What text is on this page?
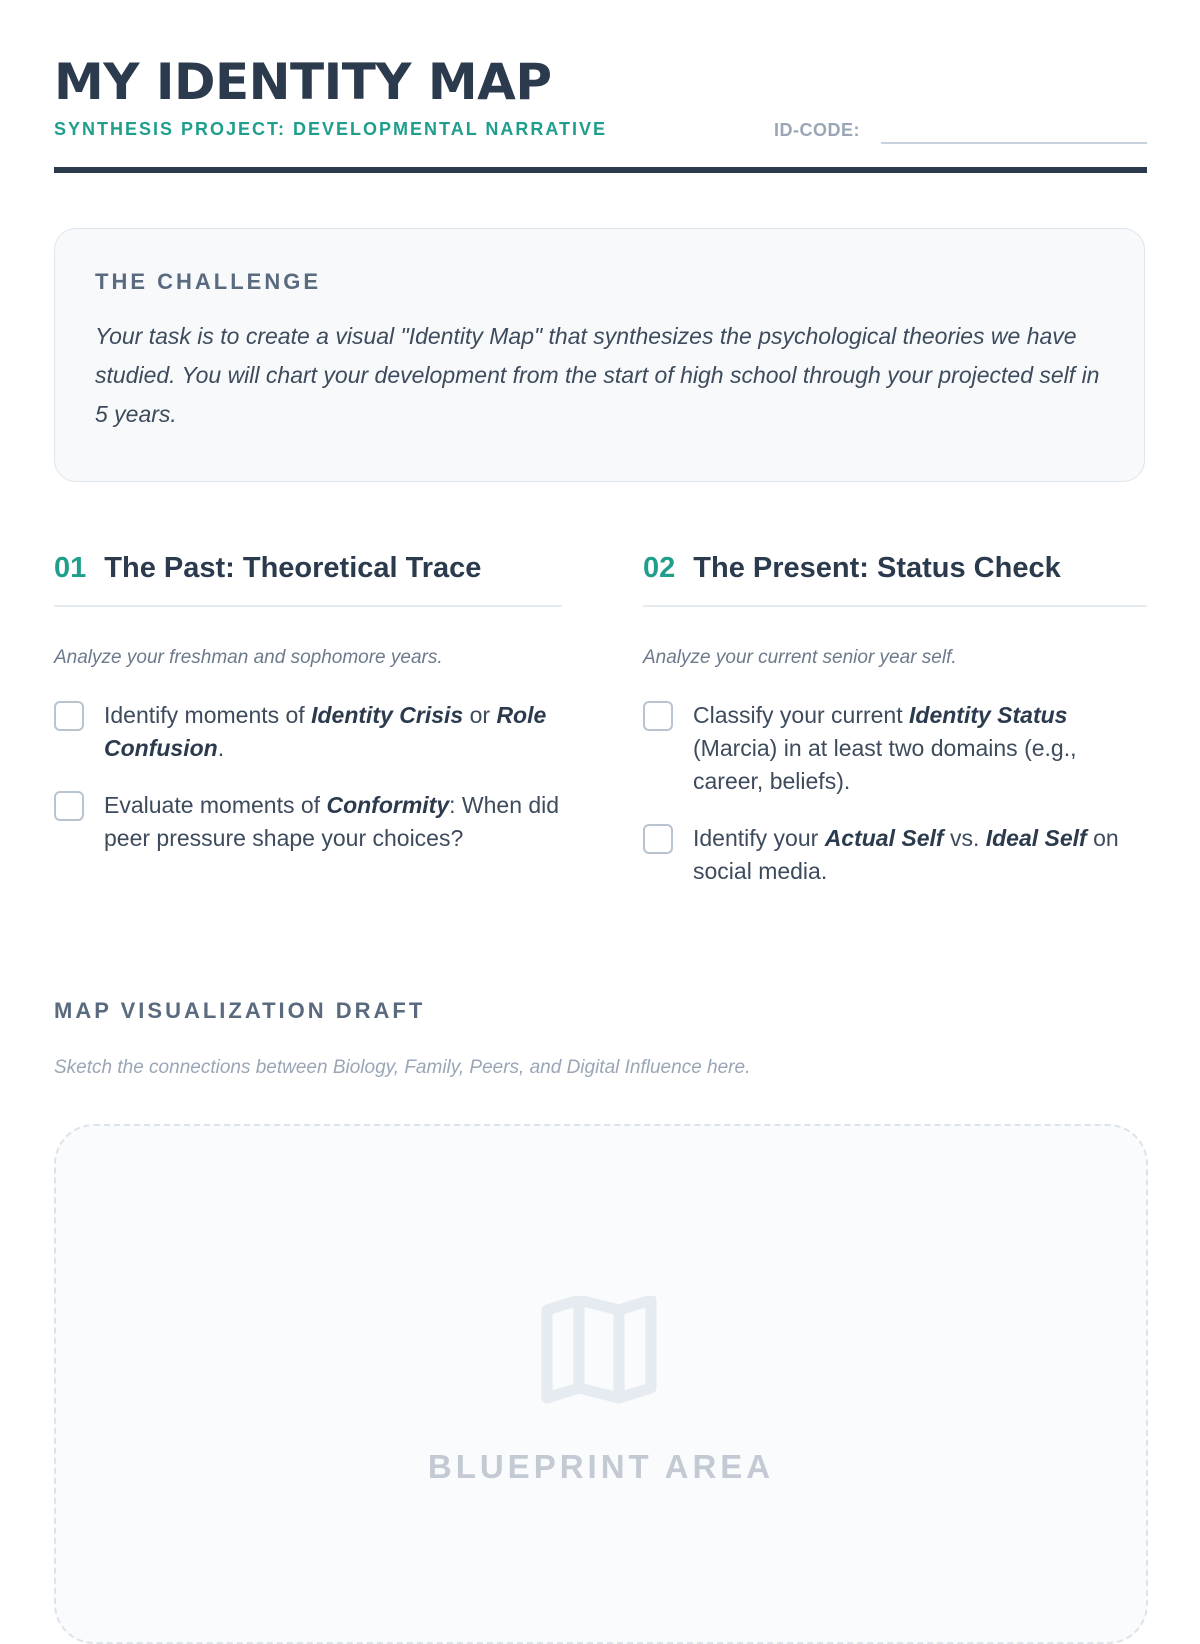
MY IDENTITY MAP
SYNTHESIS PROJECT: DEVELOPMENTAL NARRATIVE	ID-CODE:

THE CHALLENGE

Your task is to create a visual "Identity Map" that synthesizes the psychological theories we have studied. You will chart your development from the start of high school through your projected self in 5 years.

01 The Past: Theoretical Trace

Analyze your freshman and sophomore years.

Identify moments of Identity Crisis or Role Confusion.
Evaluate moments of Conformity: When did peer pressure shape your choices?
02 The Present: Status Check

Analyze your current senior year self.

Classify your current Identity Status (Marcia) in at least two domains (e.g., career, beliefs).
Identify your Actual Self vs. Ideal Self on social media.
MAP VISUALIZATION DRAFT
Sketch the connections between Biology, Family, Peers, and Digital Influence here.
BLUEPRINT AREA
